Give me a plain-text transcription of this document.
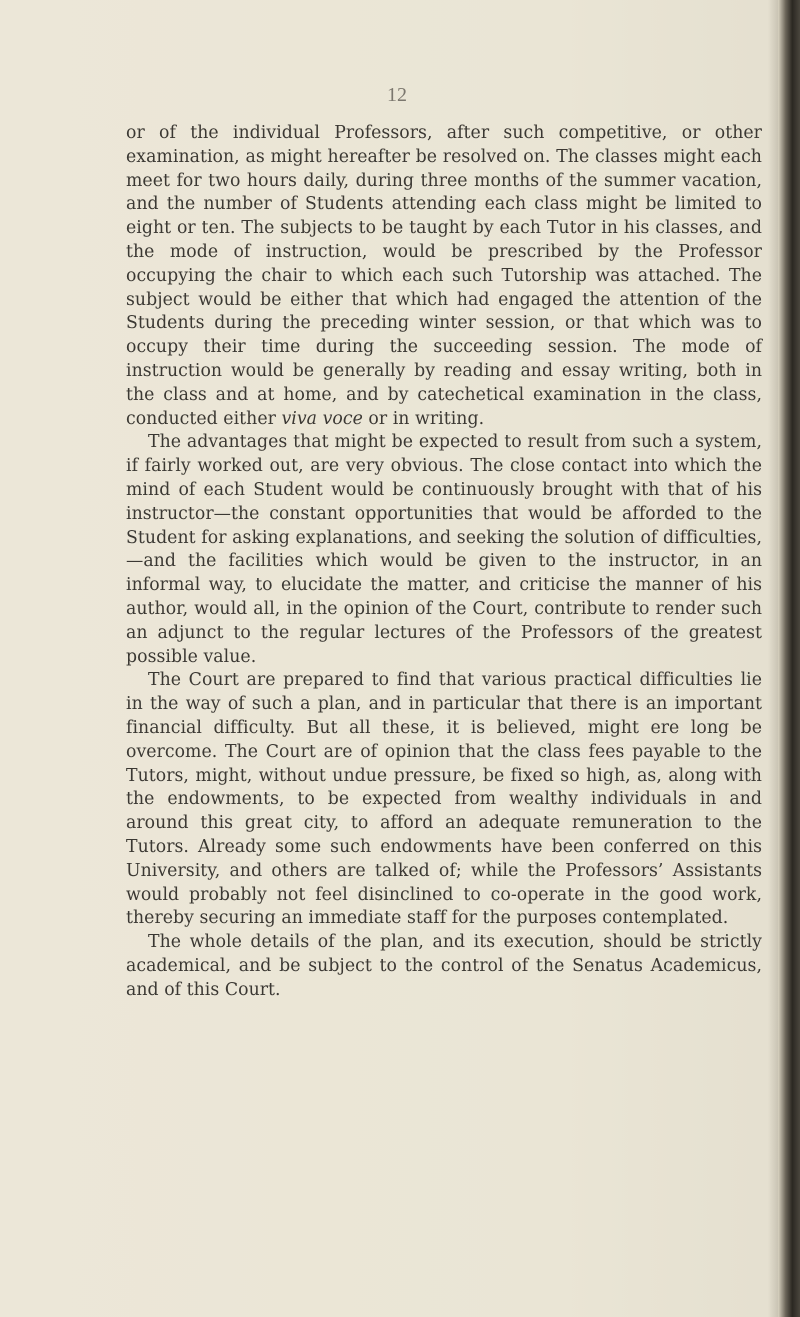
12

or of the individual Professors, after such competitive, or other examination, as might hereafter be resolved on. The classes might each meet for two hours daily, during three months of the summer vacation, and the number of Students attending each class might be limited to eight or ten. The subjects to be taught by each Tutor in his classes, and the mode of instruction, would be prescribed by the Professor occupying the chair to which each such Tutorship was attached. The subject would be either that which had engaged the attention of the Students during the preceding winter session, or that which was to occupy their time during the succeeding session. The mode of instruction would be generally by reading and essay writing, both in the class and at home, and by catechetical examination in the class, conducted either viva voce or in writing.

The advantages that might be expected to result from such a system, if fairly worked out, are very obvious. The close contact into which the mind of each Student would be continuously brought with that of his instructor—the constant opportunities that would be afforded to the Student for asking explanations, and seeking the solution of difficulties,—and the facilities which would be given to the instructor, in an informal way, to elucidate the matter, and criticise the manner of his author, would all, in the opinion of the Court, contribute to render such an adjunct to the regular lectures of the Professors of the greatest possible value.

The Court are prepared to find that various practical difficulties lie in the way of such a plan, and in particular that there is an important financial difficulty. But all these, it is believed, might ere long be overcome. The Court are of opinion that the class fees payable to the Tutors, might, without undue pressure, be fixed so high, as, along with the endowments, to be expected from wealthy individuals in and around this great city, to afford an adequate remuneration to the Tutors. Already some such endowments have been conferred on this University, and others are talked of; while the Professors’ Assistants would probably not feel disinclined to co-operate in the good work, thereby securing an immediate staff for the purposes contemplated.

The whole details of the plan, and its execution, should be strictly academical, and be subject to the control of the Senatus Academicus, and of this Court.
